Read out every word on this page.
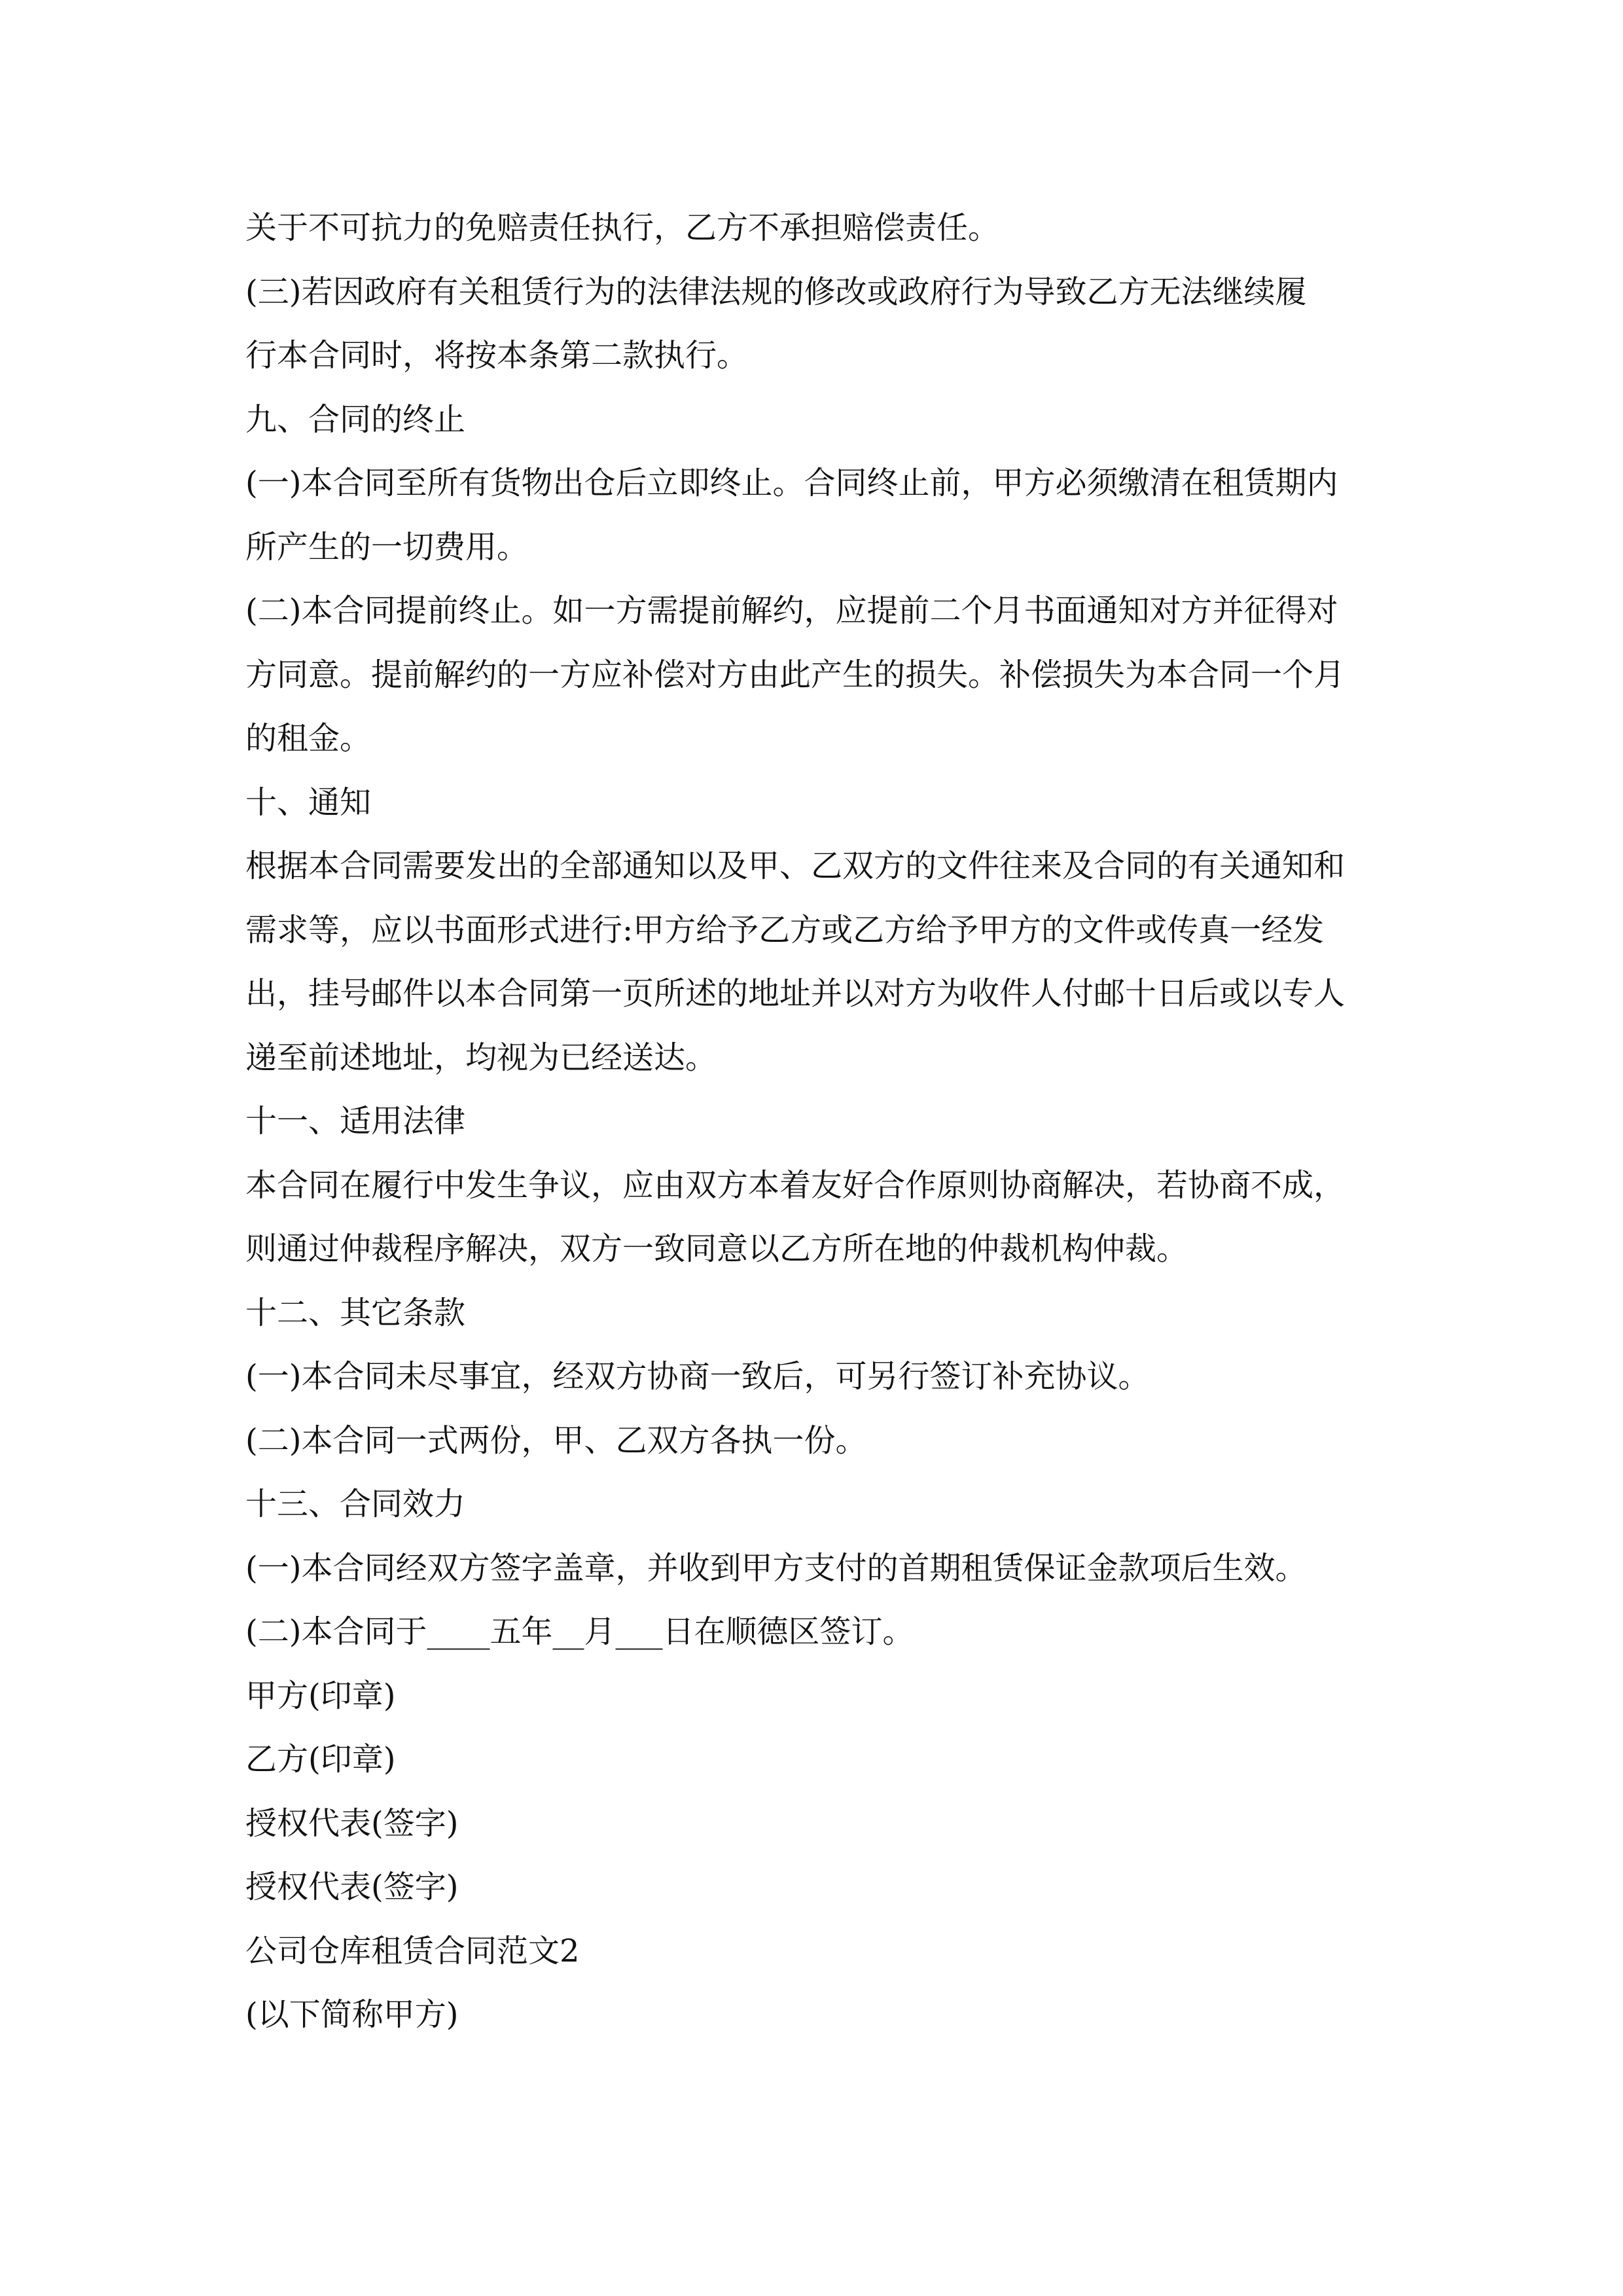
关于不可抗力的免赔责任执行，乙方不承担赔偿责任。
(三)若因政府有关租赁行为的法律法规的修改或政府行为导致乙方无法继续履
行本合同时，将按本条第二款执行。
九、合同的终止
(一)本合同至所有货物出仓后立即终止。合同终止前，甲方必须缴清在租赁期内
所产生的一切费用。
(二)本合同提前终止。如一方需提前解约，应提前二个月书面通知对方并征得对
方同意。提前解约的一方应补偿对方由此产生的损失。补偿损失为本合同一个月
的租金。
十、通知
根据本合同需要发出的全部通知以及甲、乙双方的文件往来及合同的有关通知和
需求等，应以书面形式进行:甲方给予乙方或乙方给予甲方的文件或传真一经发
出，挂号邮件以本合同第一页所述的地址并以对方为收件人付邮十日后或以专人
递至前述地址，均视为已经送达。
十一、适用法律
本合同在履行中发生争议，应由双方本着友好合作原则协商解决，若协商不成，
则通过仲裁程序解决，双方一致同意以乙方所在地的仲裁机构仲裁。
十二、其它条款
(一)本合同未尽事宜，经双方协商一致后，可另行签订补充协议。
(二)本合同一式两份，甲、乙双方各执一份。
十三、合同效力
(一)本合同经双方签字盖章，并收到甲方支付的首期租赁保证金款项后生效。
(二)本合同于____五年__月___日在顺德区签订。
甲方(印章)
乙方(印章)
授权代表(签字)
授权代表(签字)
公司仓库租赁合同范文2
(以下简称甲方)
